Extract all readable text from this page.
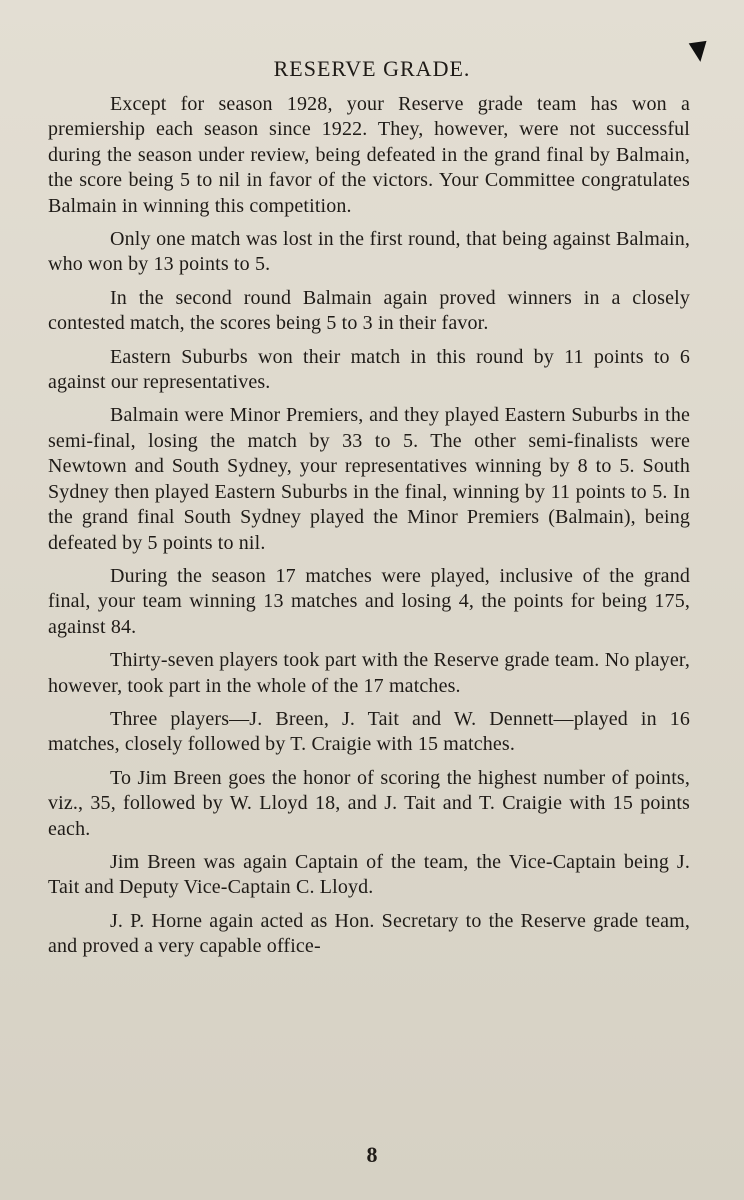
RESERVE GRADE.

Except for season 1928, your Reserve grade team has won a premiership each season since 1922. They, however, were not successful during the season under review, being defeated in the grand final by Balmain, the score being 5 to nil in favor of the victors. Your Committee congratulates Balmain in winning this competition.

Only one match was lost in the first round, that being against Balmain, who won by 13 points to 5.

In the second round Balmain again proved winners in a closely contested match, the scores being 5 to 3 in their favor.

Eastern Suburbs won their match in this round by 11 points to 6 against our representatives.

Balmain were Minor Premiers, and they played Eastern Suburbs in the semi-final, losing the match by 33 to 5. The other semi-finalists were Newtown and South Sydney, your representatives winning by 8 to 5. South Sydney then played Eastern Suburbs in the final, winning by 11 points to 5. In the grand final South Sydney played the Minor Premiers (Balmain), being defeated by 5 points to nil.

During the season 17 matches were played, inclusive of the grand final, your team winning 13 matches and losing 4, the points for being 175, against 84.

Thirty-seven players took part with the Reserve grade team. No player, however, took part in the whole of the 17 matches.

Three players—J. Breen, J. Tait and W. Dennett—played in 16 matches, closely followed by T. Craigie with 15 matches.

To Jim Breen goes the honor of scoring the highest number of points, viz., 35, followed by W. Lloyd 18, and J. Tait and T. Craigie with 15 points each.

Jim Breen was again Captain of the team, the Vice-Captain being J. Tait and Deputy Vice-Captain C. Lloyd.

J. P. Horne again acted as Hon. Secretary to the Reserve grade team, and proved a very capable office-

8
